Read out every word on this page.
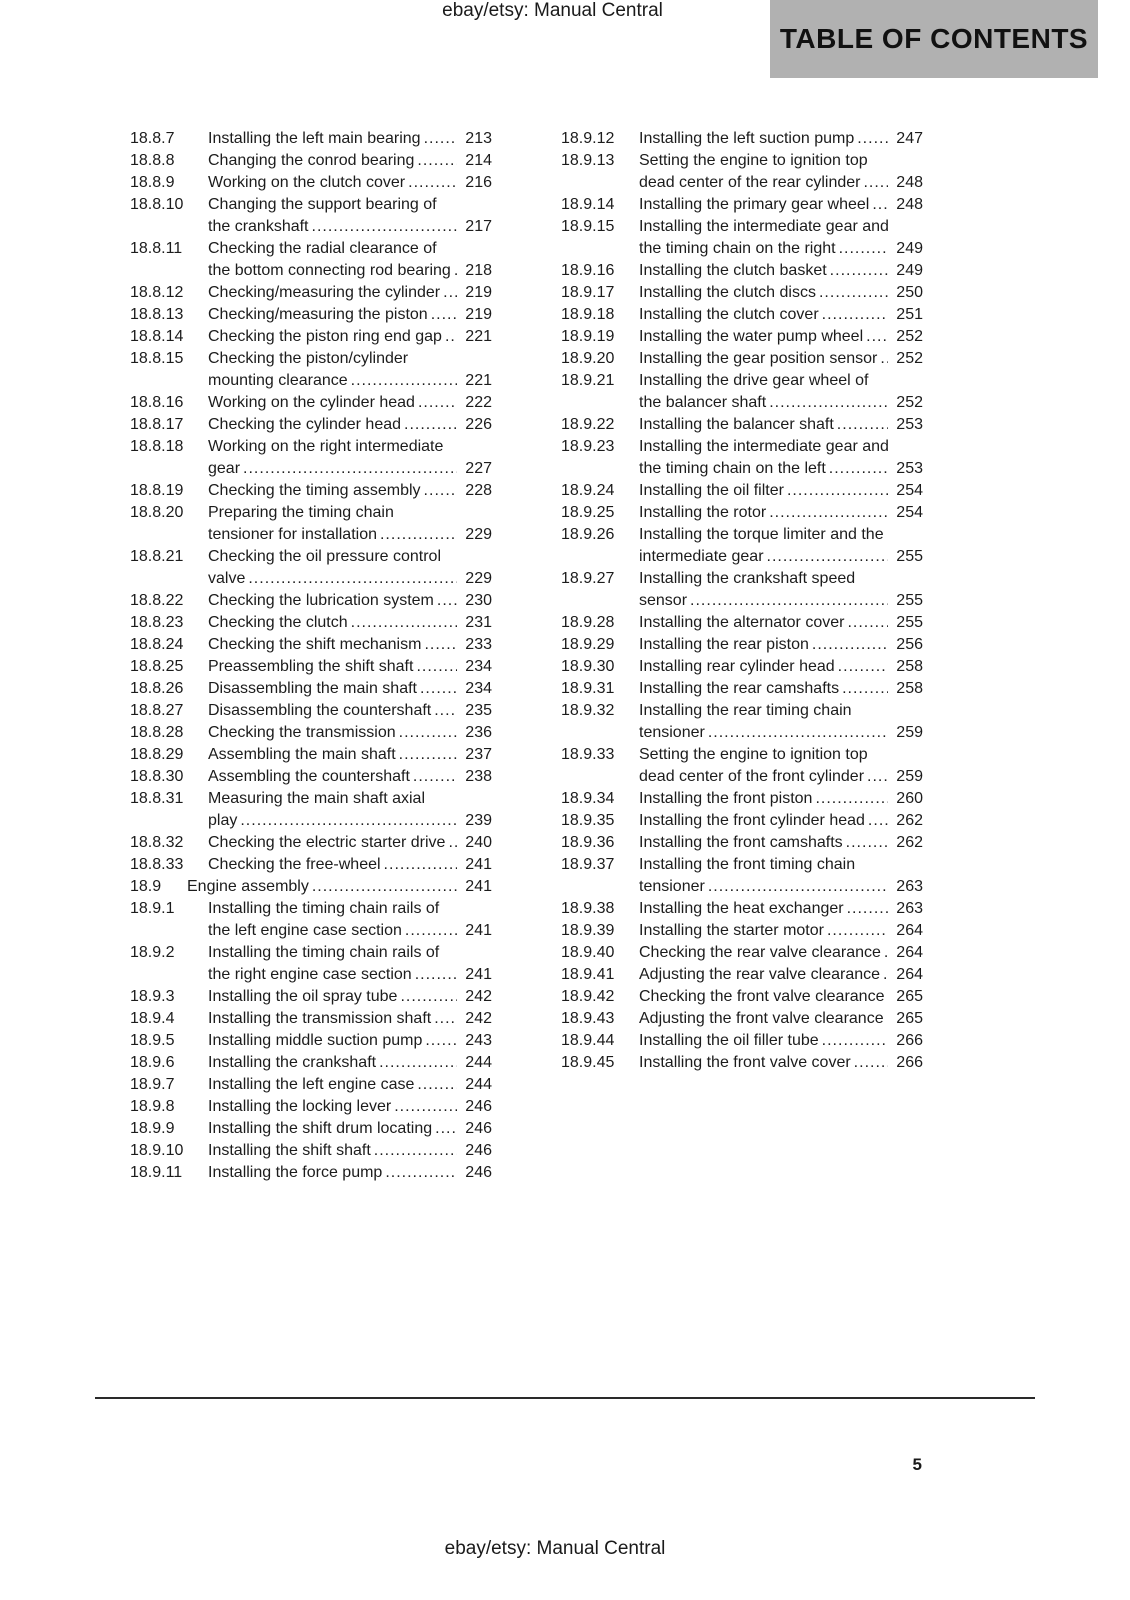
ebay/etsy: Manual Central
TABLE OF CONTENTS
18.8.7 Installing the left main bearing	213
18.8.8 Changing the conrod bearing	214
18.8.9 Working on the clutch cover	216
18.8.10 Changing the support bearing of the crankshaft	217
18.8.11 Checking the radial clearance of the bottom connecting rod bearing 218
18.8.12 Checking/measuring the cylinder	219
18.8.13 Checking/measuring the piston	219
18.8.14 Checking the piston ring end gap	221
18.8.15 Checking the piston/cylinder mounting clearance	221
18.8.16 Working on the cylinder head	222
18.8.17 Checking the cylinder head	226
18.8.18 Working on the right intermediate gear	227
18.8.19 Checking the timing assembly	228
18.8.20 Preparing the timing chain tensioner for installation	229
18.8.21 Checking the oil pressure control valve	229
18.8.22 Checking the lubrication system	230
18.8.23 Checking the clutch	231
18.8.24 Checking the shift mechanism	233
18.8.25 Preassembling the shift shaft	234
18.8.26 Disassembling the main shaft	234
18.8.27 Disassembling the countershaft	235
18.8.28 Checking the transmission	236
18.8.29 Assembling the main shaft	237
18.8.30 Assembling the countershaft	238
18.8.31 Measuring the main shaft axial play	239
18.8.32 Checking the electric starter drive	240
18.8.33 Checking the free-wheel	241
18.9 Engine assembly	241
18.9.1 Installing the timing chain rails of the left engine case section	241
18.9.2 Installing the timing chain rails of the right engine case section	241
18.9.3 Installing the oil spray tube	242
18.9.4 Installing the transmission shaft	242
18.9.5 Installing middle suction pump	243
18.9.6 Installing the crankshaft	244
18.9.7 Installing the left engine case	244
18.9.8 Installing the locking lever	246
18.9.9 Installing the shift drum locating	246
18.9.10 Installing the shift shaft	246
18.9.11 Installing the force pump	246
18.9.12 Installing the left suction pump	247
18.9.13 Setting the engine to ignition top dead center of the rear cylinder	248
18.9.14 Installing the primary gear wheel	248
18.9.15 Installing the intermediate gear and the timing chain on the right	249
18.9.16 Installing the clutch basket	249
18.9.17 Installing the clutch discs	250
18.9.18 Installing the clutch cover	251
18.9.19 Installing the water pump wheel	252
18.9.20 Installing the gear position sensor	252
18.9.21 Installing the drive gear wheel of the balancer shaft	252
18.9.22 Installing the balancer shaft	253
18.9.23 Installing the intermediate gear and the timing chain on the left	253
18.9.24 Installing the oil filter	254
18.9.25 Installing the rotor	254
18.9.26 Installing the torque limiter and the intermediate gear	255
18.9.27 Installing the crankshaft speed sensor	255
18.9.28 Installing the alternator cover	255
18.9.29 Installing the rear piston	256
18.9.30 Installing rear cylinder head	258
18.9.31 Installing the rear camshafts	258
18.9.32 Installing the rear timing chain tensioner	259
18.9.33 Setting the engine to ignition top dead center of the front cylinder	259
18.9.34 Installing the front piston	260
18.9.35 Installing the front cylinder head	262
18.9.36 Installing the front camshafts	262
18.9.37 Installing the front timing chain tensioner	263
18.9.38 Installing the heat exchanger	263
18.9.39 Installing the starter motor	264
18.9.40 Checking the rear valve clearance 264
18.9.41 Adjusting the rear valve clearance	264
18.9.42 Checking the front valve clearance 265
18.9.43 Adjusting the front valve clearance 265
18.9.44 Installing the oil filler tube	266
18.9.45 Installing the front valve cover	266
5
ebay/etsy: Manual Central
